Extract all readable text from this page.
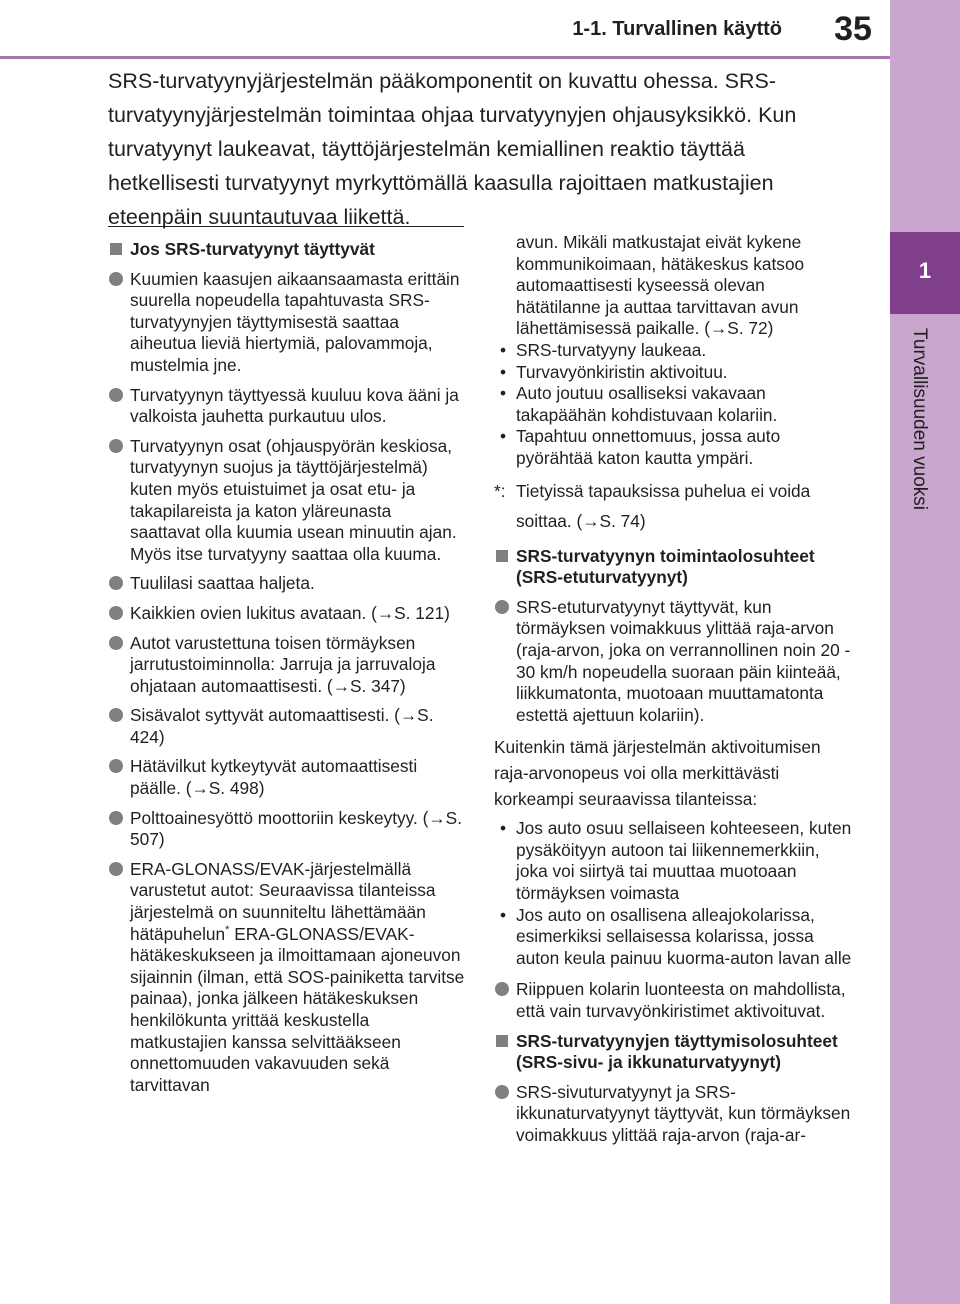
1
Turvallisuuden vuoksi
1-1. Turvallinen käyttö	35
SRS-turvatyynyjärjestelmän pääkomponentit on kuvattu ohessa. SRS-turvatyynyjärjestelmän toimintaa ohjaa turvatyynyjen ohjausyksikkö. Kun turvatyynyt laukeavat, täyttöjärjestelmän kemiallinen reaktio täyttää hetkellisesti turvatyynyt myrkyttömällä kaasulla rajoittaen matkustajien eteenpäin suuntautuvaa liikettä.
Jos SRS-turvatyynyt täyttyvät
Kuumien kaasujen aikaansaamasta erittäin suurella nopeudella tapahtuvasta SRS-turvatyynyjen täyttymisestä saattaa aiheutua lieviä hiertymiä, palovammoja, mustelmia jne.
Turvatyynyn täyttyessä kuuluu kova ääni ja valkoista jauhetta purkautuu ulos.
Turvatyynyn osat (ohjauspyörän keskiosa, turvatyynyn suojus ja täyttöjärjestelmä) kuten myös etuistuimet ja osat etu- ja takapilareista ja katon yläreunasta saattavat olla kuumia usean minuutin ajan. Myös itse turvatyyny saattaa olla kuuma.
Tuulilasi saattaa haljeta.
Kaikkien ovien lukitus avataan. (→S. 121)
Autot varustettuna toisen törmäyksen jarrutustoiminnolla: Jarruja ja jarruvaloja ohjataan automaattisesti. (→S. 347)
Sisävalot syttyvät automaattisesti. (→S. 424)
Hätävilkut kytkeytyvät automaattisesti päälle. (→S. 498)
Polttoainesyöttö moottoriin keskeytyy. (→S. 507)
ERA-GLONASS/EVAK-järjestelmällä varustetut autot: Seuraavissa tilanteissa järjestelmä on suunniteltu lähettämään hätäpuhelun* ERA-GLONASS/EVAK-hätäkeskukseen ja ilmoittamaan ajoneuvon sijainnin (ilman, että SOS-painiketta tarvitse painaa), jonka jälkeen hätäkeskuksen henkilökunta yrittää keskustella matkustajien kanssa selvittääkseen onnettomuuden vakavuuden sekä tarvittavan
avun. Mikäli matkustajat eivät kykene kommunikoimaan, hätäkeskus katsoo automaattisesti kyseessä olevan hätätilanne ja auttaa tarvittavan avun lähettämisessä paikalle. (→S. 72)
• SRS-turvatyyny laukeaa.
• Turvavyönkiristin aktivoituu.
• Auto joutuu osalliseksi vakavaan takapäähän kohdistuvaan kolariin.
• Tapahtuu onnettomuus, jossa auto pyörähtää katon kautta ympäri.
*: Tietyissä tapauksissa puhelua ei voida soittaa. (→S. 74)
SRS-turvatyynyn toimintaolosuhteet (SRS-etuturvatyynyt)
SRS-etuturvatyynyt täyttyvät, kun törmäyksen voimakkuus ylittää raja-arvon (raja-arvon, joka on verrannollinen noin 20 - 30 km/h nopeudella suoraan päin kiinteää, liikkumatonta, muotoaan muuttamatonta estettä ajettuun kolariin).
Kuitenkin tämä järjestelmän aktivoitumisen raja-arvonopeus voi olla merkittävästi korkeampi seuraavissa tilanteissa:
• Jos auto osuu sellaiseen kohteeseen, kuten pysäköityyn autoon tai liikennemerkkiin, joka voi siirtyä tai muuttaa muotoaan törmäyksen voimasta
• Jos auto on osallisena alleajokolarissa, esimerkiksi sellaisessa kolarissa, jossa auton keula painuu kuorma-auton lavan alle
Riippuen kolarin luonteesta on mahdollista, että vain turvavyönkiristimet aktivoituvat.
SRS-turvatyynyjen täyttymisolosuhteet (SRS-sivu- ja ikkunaturvatyynyt)
SRS-sivuturvatyynyt ja SRS-ikkunaturvatyynyt täyttyvät, kun törmäyksen voimakkuus ylittää raja-arvon (raja-ar-
